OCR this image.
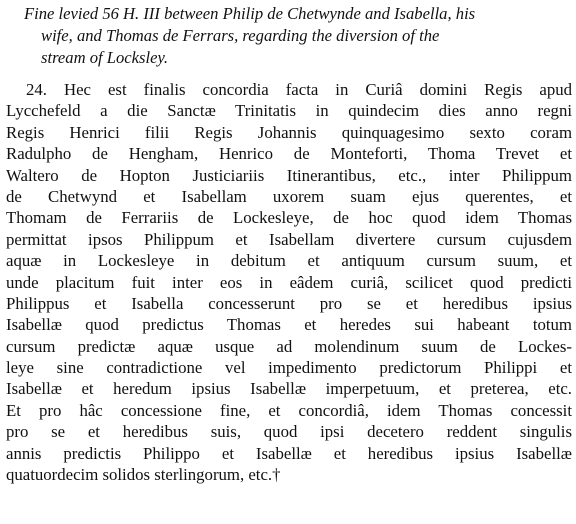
Fine levied 56 H. III between Philip de Chetwynde and Isabella, his
wife, and Thomas de Ferrars, regarding the diversion of the
stream of Locksley.
24. Hec est finalis concordia facta in Curiâ domini Regis apud
Lycchefeld a die Sanctæ Trinitatis in quindecim dies anno regni
Regis Henrici filii Regis Johannis quinquagesimo sexto coram
Radulpho de Hengham, Henrico de Monteforti, Thoma Trevet et
Waltero de Hopton Justiciariis Itinerantibus, etc., inter Philippum
de Chetwynd et Isabellam uxorem suam ejus querentes, et
Thomam de Ferrariis de Lockesleye, de hoc quod idem Thomas
permittat ipsos Philippum et Isabellam divertere cursum cujusdem
aquæ in Lockesleye in debitum et antiquum cursum suum, et
unde placitum fuit inter eos in eâdem curiâ, scilicet quod predicti
Philippus et Isabella concesserunt pro se et heredibus ipsius
Isabellæ quod predictus Thomas et heredes sui habeant totum
cursum predictæ aquæ usque ad molendinum suum de Lockes-
leye sine contradictione vel impedimento predictorum Philippi et
Isabellæ et heredum ipsius Isabellæ imperpetuum, et preterea, etc.
Et pro hâc concessione fine, et concordiâ, idem Thomas concessit
pro se et heredibus suis, quod ipsi decetero reddent singulis
annis predictis Philippo et Isabellæ et heredibus ipsius Isabellæ
quatuordecim solidos sterlingorum, etc.†
